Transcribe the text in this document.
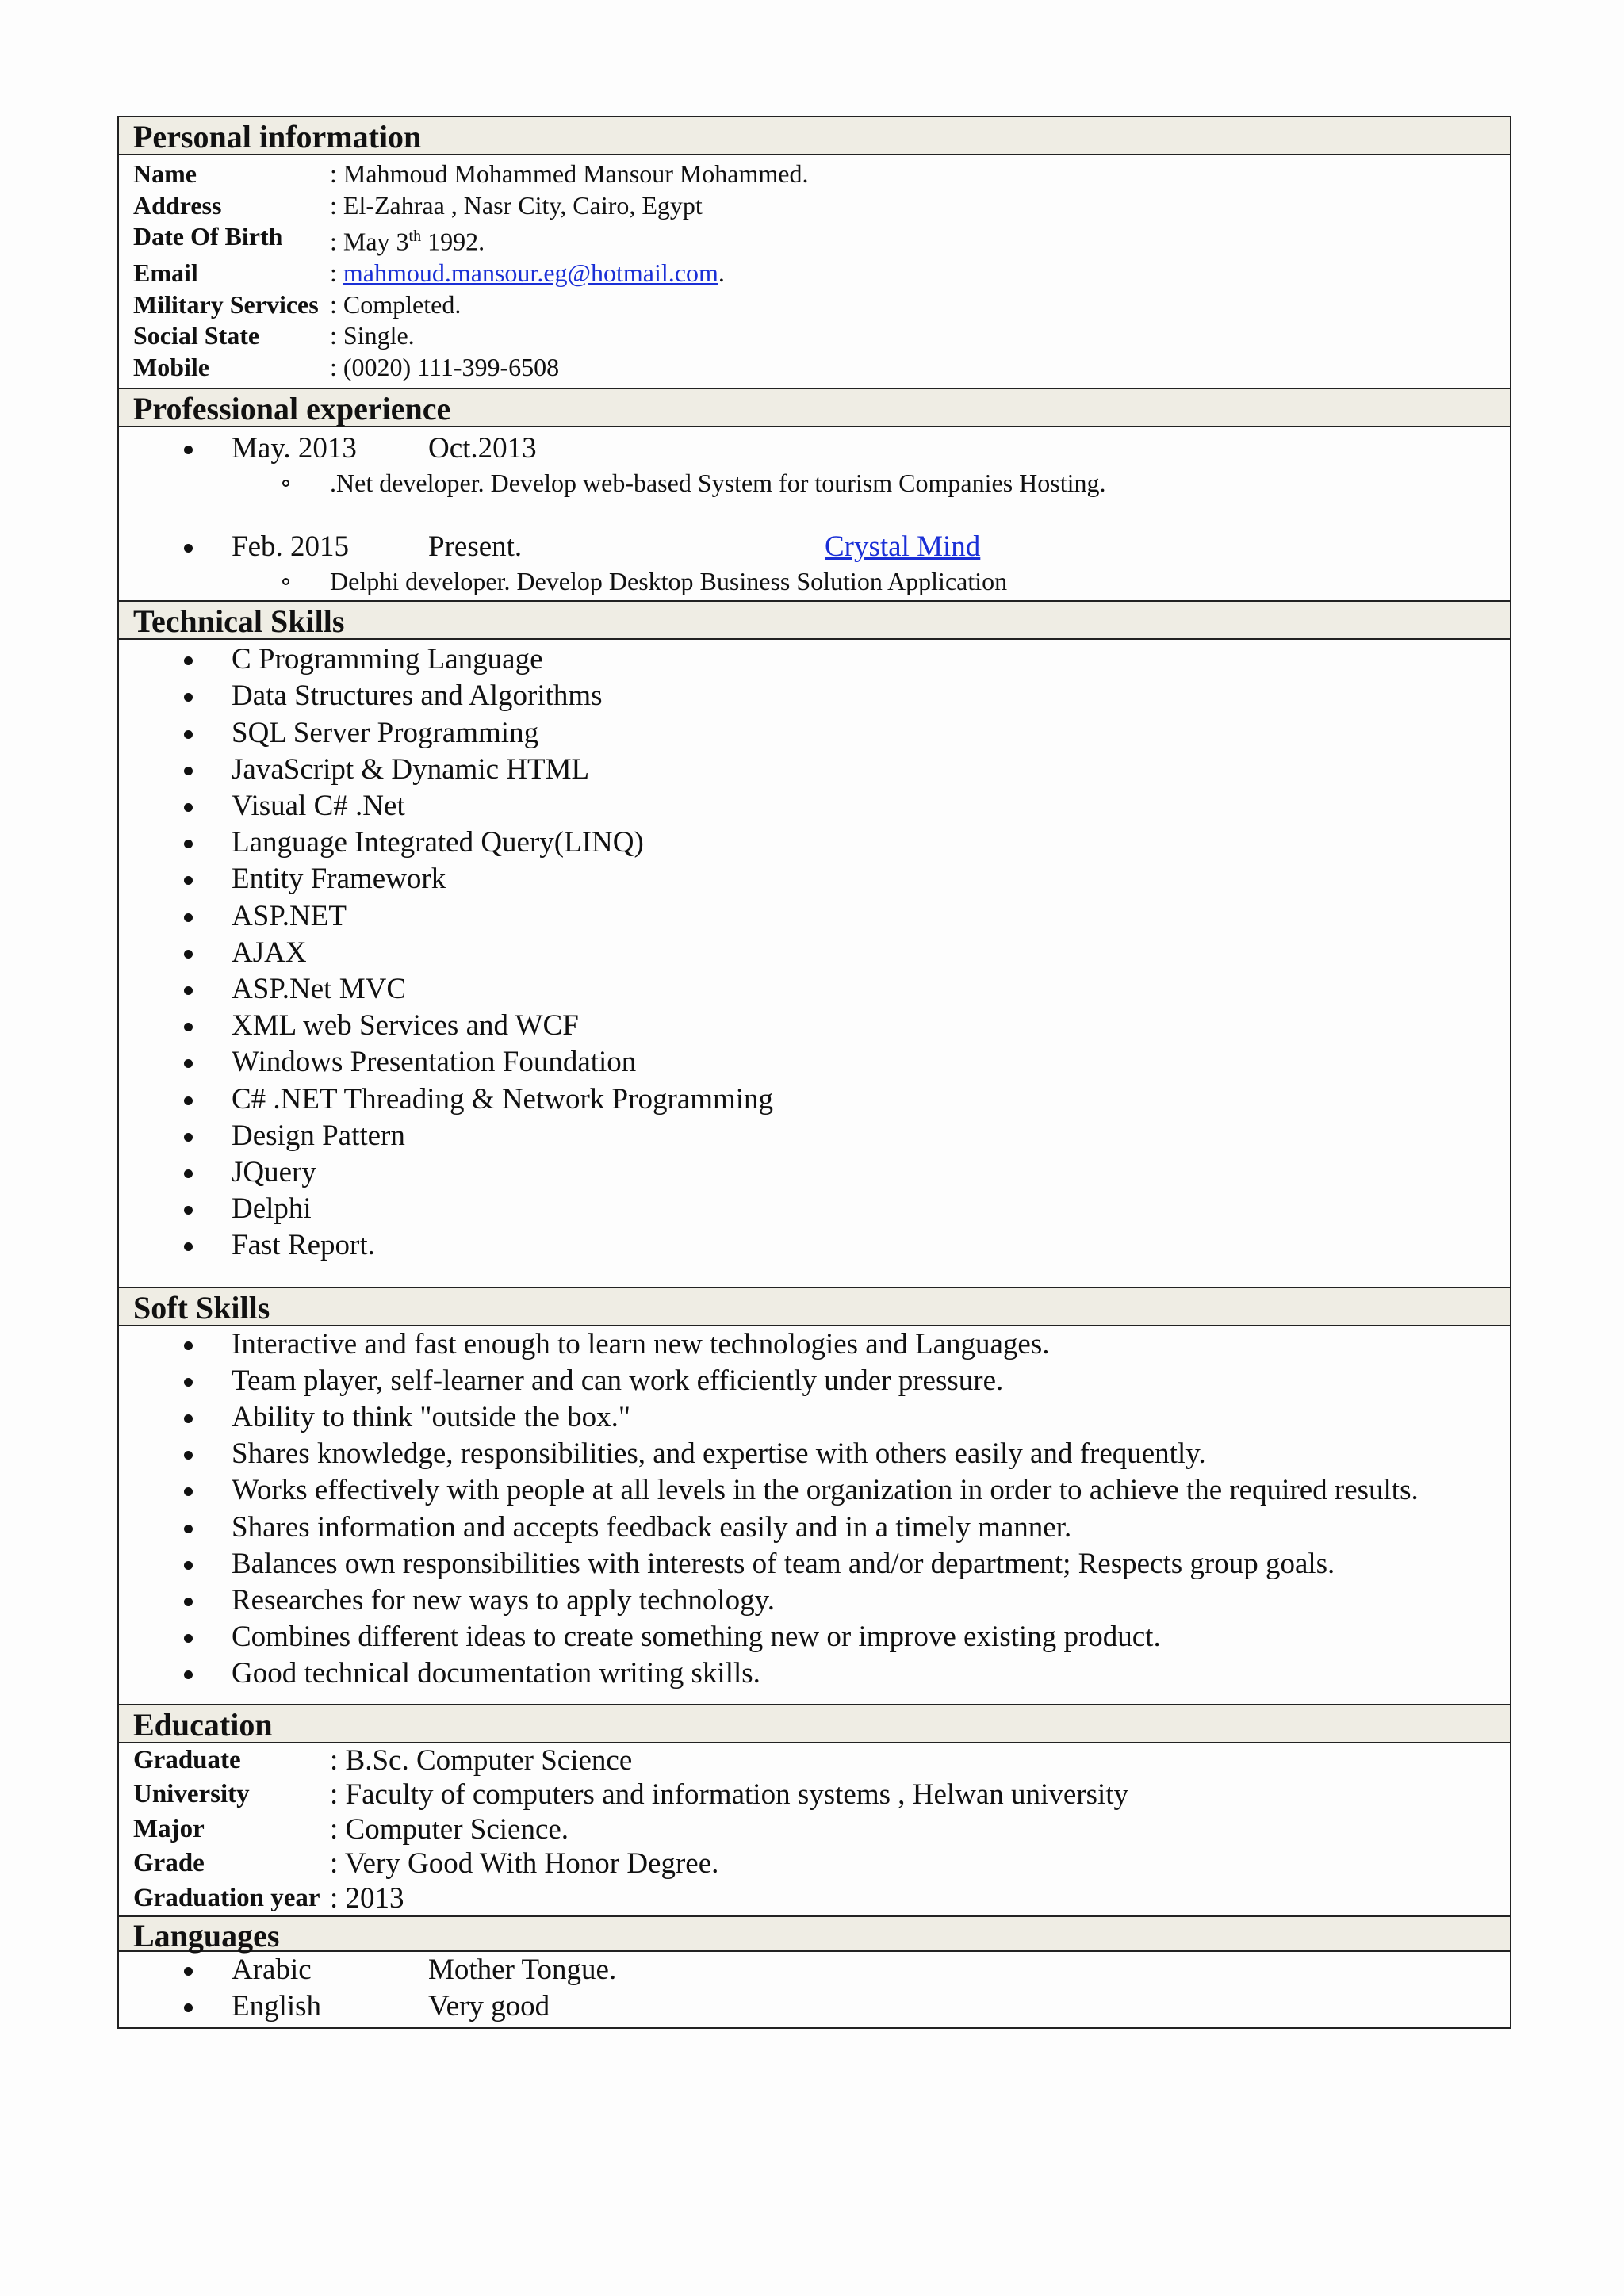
Personal information
Name	: Mahmoud Mohammed Mansour Mohammed.
Address	: El-Zahraa , Nasr City, Cairo, Egypt
Date Of Birth	: May 3th 1992.
Email	: mahmoud.mansour.eg@hotmail.com.
Military Services : Completed.
Social State	: Single.
Mobile	: (0020) 111-399-6508
Professional experience
May. 2013	Oct.2013
.Net developer. Develop web-based System for tourism Companies Hosting.
Feb. 2015	Present.	Crystal Mind
Delphi developer. Develop Desktop Business Solution Application
Technical Skills
C Programming Language
Data Structures and Algorithms
SQL Server Programming
JavaScript & Dynamic HTML
Visual C# .Net
Language Integrated Query(LINQ)
Entity Framework
ASP.NET
AJAX
ASP.Net MVC
XML web Services and WCF
Windows Presentation Foundation
C# .NET Threading & Network Programming
Design Pattern
JQuery
Delphi
Fast Report.
Soft Skills
Interactive and fast enough to learn new technologies and Languages.
Team player, self-learner and can work efficiently under pressure.
Ability to think "outside the box."
Shares knowledge, responsibilities, and expertise with others easily and frequently.
Works effectively with people at all levels in the organization in order to achieve the required results.
Shares information and accepts feedback easily and in a timely manner.
Balances own responsibilities with interests of team and/or department; Respects group goals.
Researches for new ways to apply technology.
Combines different ideas to create something new or improve existing product.
Good technical documentation writing skills.
Education
Graduate	: B.Sc. Computer Science
University	: Faculty of computers and information systems , Helwan university
Major	: Computer Science.
Grade	: Very Good With Honor Degree.
Graduation year : 2013
Languages
Arabic	Mother Tongue.
English	Very good
